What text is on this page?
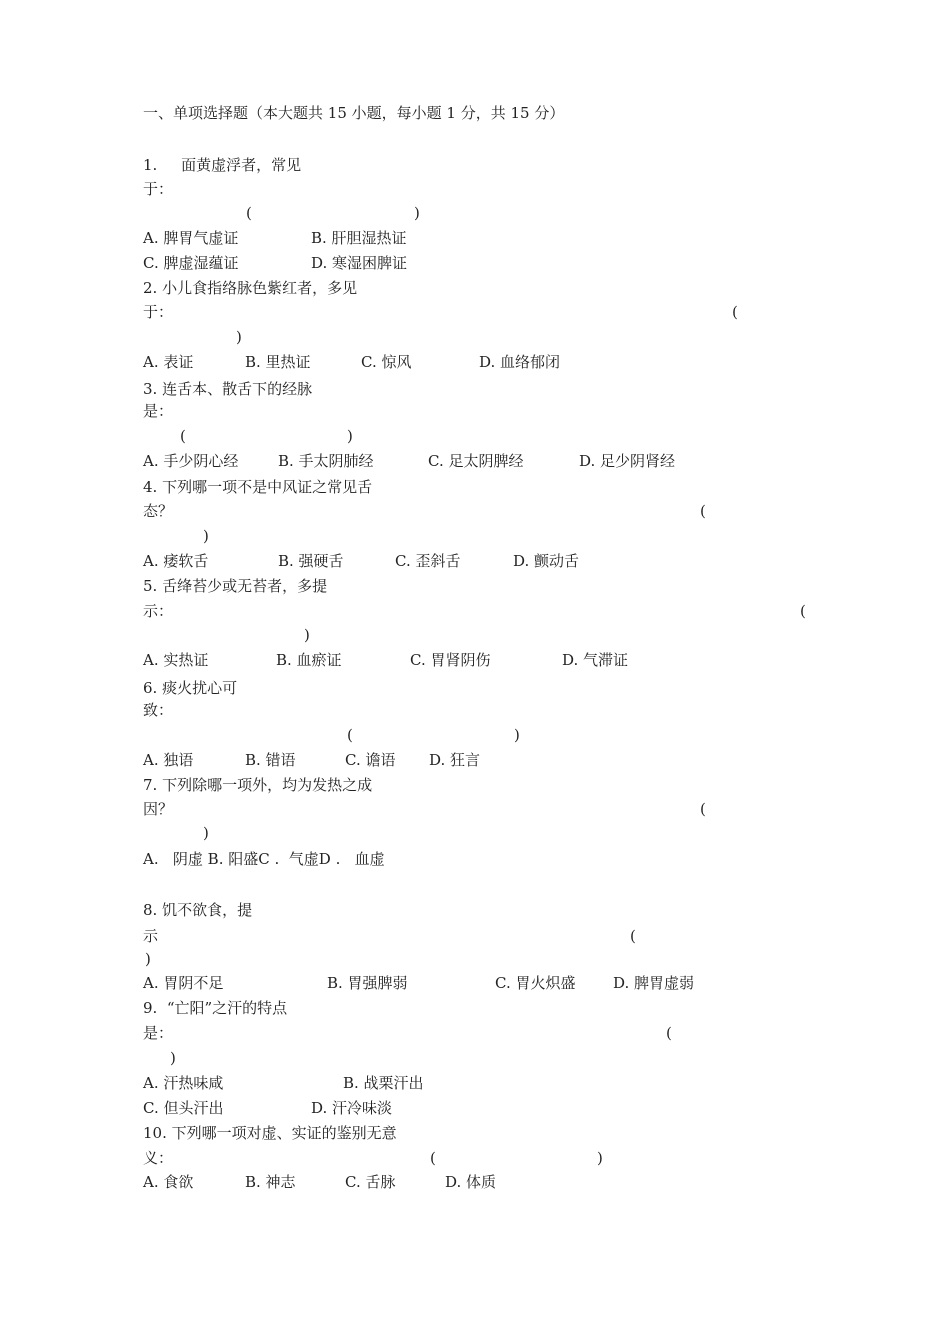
一、单项选择题（本大题共 15 小题，每小题 1 分，共 15 分）
1.     面黄虚浮者，常见
于：
(	)
A. 脾胃气虚证	B. 肝胆湿热证
C. 脾虚湿蕴证	D. 寒湿困脾证
2. 小儿食指络脉色紫红者，多见
于：	(
)
A. 表证	B. 里热证	C. 惊风	D. 血络郁闭
3. 连舌本、散舌下的经脉
是：
(	)
A. 手少阴心经	B. 手太阴肺经	C. 足太阴脾经	D. 足少阴肾经
4. 下列哪一项不是中风证之常见舌
态？	(
)
A. 痿软舌	B. 强硬舌	C. 歪斜舌	D. 颤动舌
5. 舌绛苔少或无苔者，多提
示：	(
)
A. 实热证	B. 血瘀证	C. 胃肾阴伤	D. 气滞证
6. 痰火扰心可
致：
(	)
A. 独语	B. 错语	C. 谵语 D. 狂言
7. 下列除哪一项外，均为发热之成
因？	(
)
A.   阴虚 B. 阳盛C .  气虚D .   血虚
8. 饥不欲食，提
示	(
)
A. 胃阴不足	B. 胃强脾弱	C. 胃火炽盛	D. 脾胃虚弱
9.  “亡阳”之汗的特点
是：	(
)
A. 汗热味咸	B. 战栗汗出
C. 但头汗出	D. 汗冷味淡
10. 下列哪一项对虚、实证的鉴别无意
义：	(	)
A. 食欲	B. 神志	C. 舌脉	D. 体质
